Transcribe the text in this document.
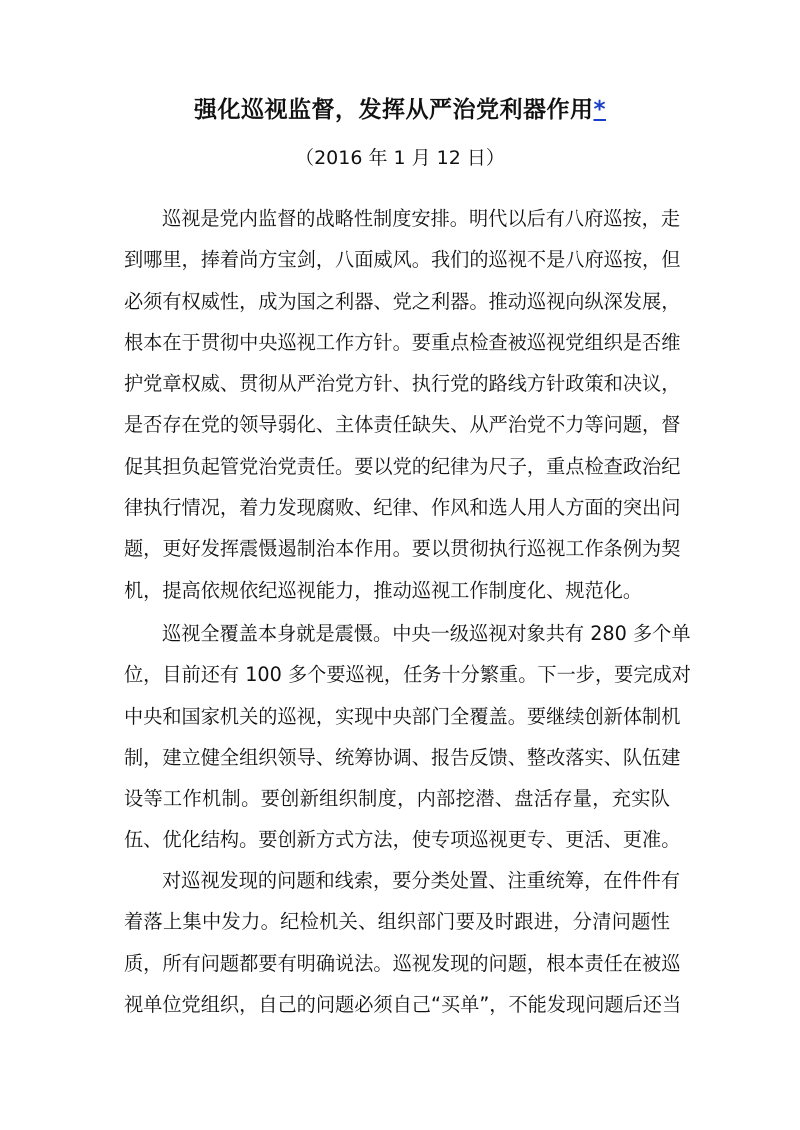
强化巡视监督，发挥从严治党利器作用*
（2016 年 1 月 12 日）
巡视是党内监督的战略性制度安排。明代以后有八府巡按，走
到哪里，捧着尚方宝剑，八面威风。我们的巡视不是八府巡按，但
必须有权威性，成为国之利器、党之利器。推动巡视向纵深发展，
根本在于贯彻中央巡视工作方针。要重点检查被巡视党组织是否维
护党章权威、贯彻从严治党方针、执行党的路线方针政策和决议，
是否存在党的领导弱化、主体责任缺失、从严治党不力等问题，督
促其担负起管党治党责任。要以党的纪律为尺子，重点检查政治纪
律执行情况，着力发现腐败、纪律、作风和选人用人方面的突出问
题，更好发挥震慑遏制治本作用。要以贯彻执行巡视工作条例为契
机，提高依规依纪巡视能力，推动巡视工作制度化、规范化。
巡视全覆盖本身就是震慑。中央一级巡视对象共有 280 多个单
位，目前还有 100 多个要巡视，任务十分繁重。下一步，要完成对
中央和国家机关的巡视，实现中央部门全覆盖。要继续创新体制机
制，建立健全组织领导、统筹协调、报告反馈、整改落实、队伍建
设等工作机制。要创新组织制度，内部挖潜、盘活存量，充实队
伍、优化结构。要创新方式方法，使专项巡视更专、更活、更准。
对巡视发现的问题和线索，要分类处置、注重统筹，在件件有
着落上集中发力。纪检机关、组织部门要及时跟进，分清问题性
质，所有问题都要有明确说法。巡视发现的问题，根本责任在被巡
视单位党组织，自己的问题必须自己“买单”，不能发现问题后还当
